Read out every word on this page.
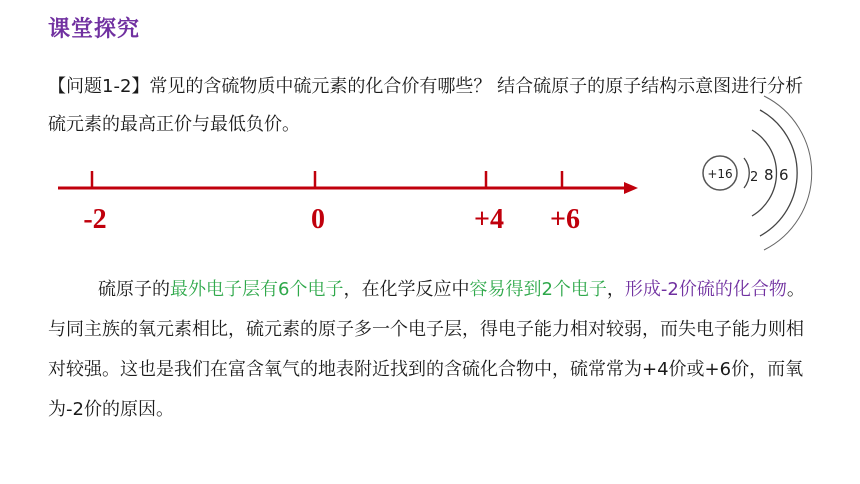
课堂探究
【问题1-2】常见的含硫物质中硫元素的化合价有哪些？ 结合硫原子的原子结构示意图进行分析硫元素的最高正价与最低负价。
-2	0	+4 +6
+16 2 8 6
硫原子的最外电子层有6个电子，在化学反应中容易得到2个电子，形成-2价硫的化合物。与同主族的氧元素相比，硫元素的原子多一个电子层，得电子能力相对较弱，而失电子能力则相对较强。这也是我们在富含氧气的地表附近找到的含硫化合物中，硫常常为+4价或+6价，而氧为-2价的原因。
